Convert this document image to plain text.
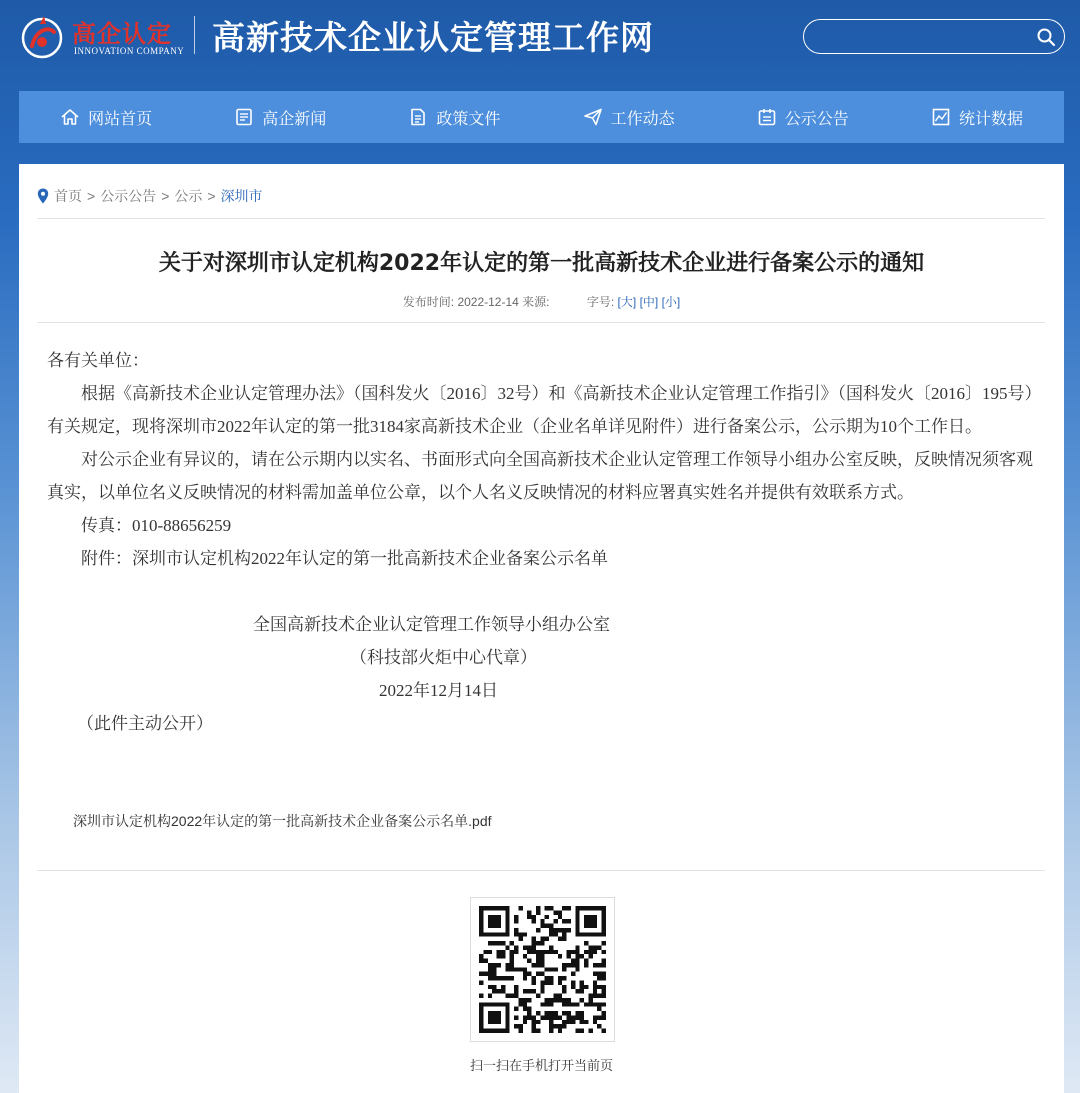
高企认定
INNOVATION COMPANY 高新技术企业认定管理工作网
网站首页	高企新闻	政策文件	工作动态	公示公告	统计数据
首页 > 公示公告 > 公示 > 深圳市
关于对深圳市认定机构2022年认定的第一批高新技术企业进行备案公示的通知
发布时间: 2022-12-14 来源:	字号: [大] [中] [小]

各有关单位：

根据《高新技术企业认定管理办法》（国科发火〔2016〕32号）和《高新技术企业认定管理工作指引》（国科发火〔2016〕195号）有关规定，现将深圳市2022年认定的第一批3184家高新技术企业（企业名单详见附件）进行备案公示，公示期为10个工作日。

对公示企业有异议的，请在公示期内以实名、书面形式向全国高新技术企业认定管理工作领导小组办公室反映，反映情况须客观真实，以单位名义反映情况的材料需加盖单位公章，以个人名义反映情况的材料应署真实姓名并提供有效联系方式。

传真：010-88656259

附件：深圳市认定机构2022年认定的第一批高新技术企业备案公示名单

全国高新技术企业认定管理工作领导小组办公室

（科技部火炬中心代章）

2022年12月14日

（此件主动公开）

深圳市认定机构2022年认定的第一批高新技术企业备案公示名单.pdf
扫一扫在手机打开当前页
